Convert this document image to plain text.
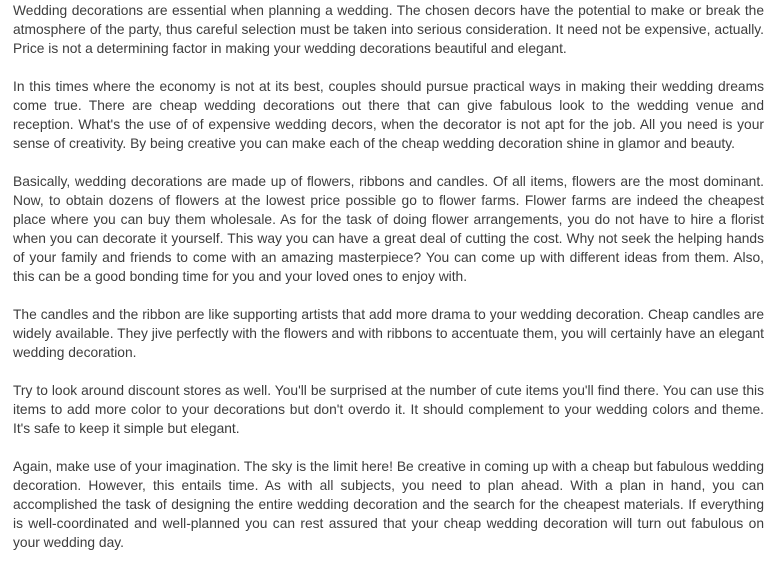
Wedding decorations are essential when planning a wedding. The chosen decors have the potential to make or break the atmosphere of the party, thus careful selection must be taken into serious consideration. It need not be expensive, actually. Price is not a determining factor in making your wedding decorations beautiful and elegant.

In this times where the economy is not at its best, couples should pursue practical ways in making their wedding dreams come true. There are cheap wedding decorations out there that can give fabulous look to the wedding venue and reception. What's the use of of expensive wedding decors, when the decorator is not apt for the job. All you need is your sense of creativity. By being creative you can make each of the cheap wedding decoration shine in glamor and beauty.

Basically, wedding decorations are made up of flowers, ribbons and candles. Of all items, flowers are the most dominant. Now, to obtain dozens of flowers at the lowest price possible go to flower farms. Flower farms are indeed the cheapest place where you can buy them wholesale. As for the task of doing flower arrangements, you do not have to hire a florist when you can decorate it yourself. This way you can have a great deal of cutting the cost. Why not seek the helping hands of your family and friends to come with an amazing masterpiece? You can come up with different ideas from them. Also, this can be a good bonding time for you and your loved ones to enjoy with.

The candles and the ribbon are like supporting artists that add more drama to your wedding decoration. Cheap candles are widely available. They jive perfectly with the flowers and with ribbons to accentuate them, you will certainly have an elegant wedding decoration.

Try to look around discount stores as well. You'll be surprised at the number of cute items you'll find there. You can use this items to add more color to your decorations but don't overdo it. It should complement to your wedding colors and theme. It's safe to keep it simple but elegant.

Again, make use of your imagination. The sky is the limit here! Be creative in coming up with a cheap but fabulous wedding decoration. However, this entails time. As with all subjects, you need to plan ahead. With a plan in hand, you can accomplished the task of designing the entire wedding decoration and the search for the cheapest materials. If everything is well-coordinated and well-planned you can rest assured that your cheap wedding decoration will turn out fabulous on your wedding day.
